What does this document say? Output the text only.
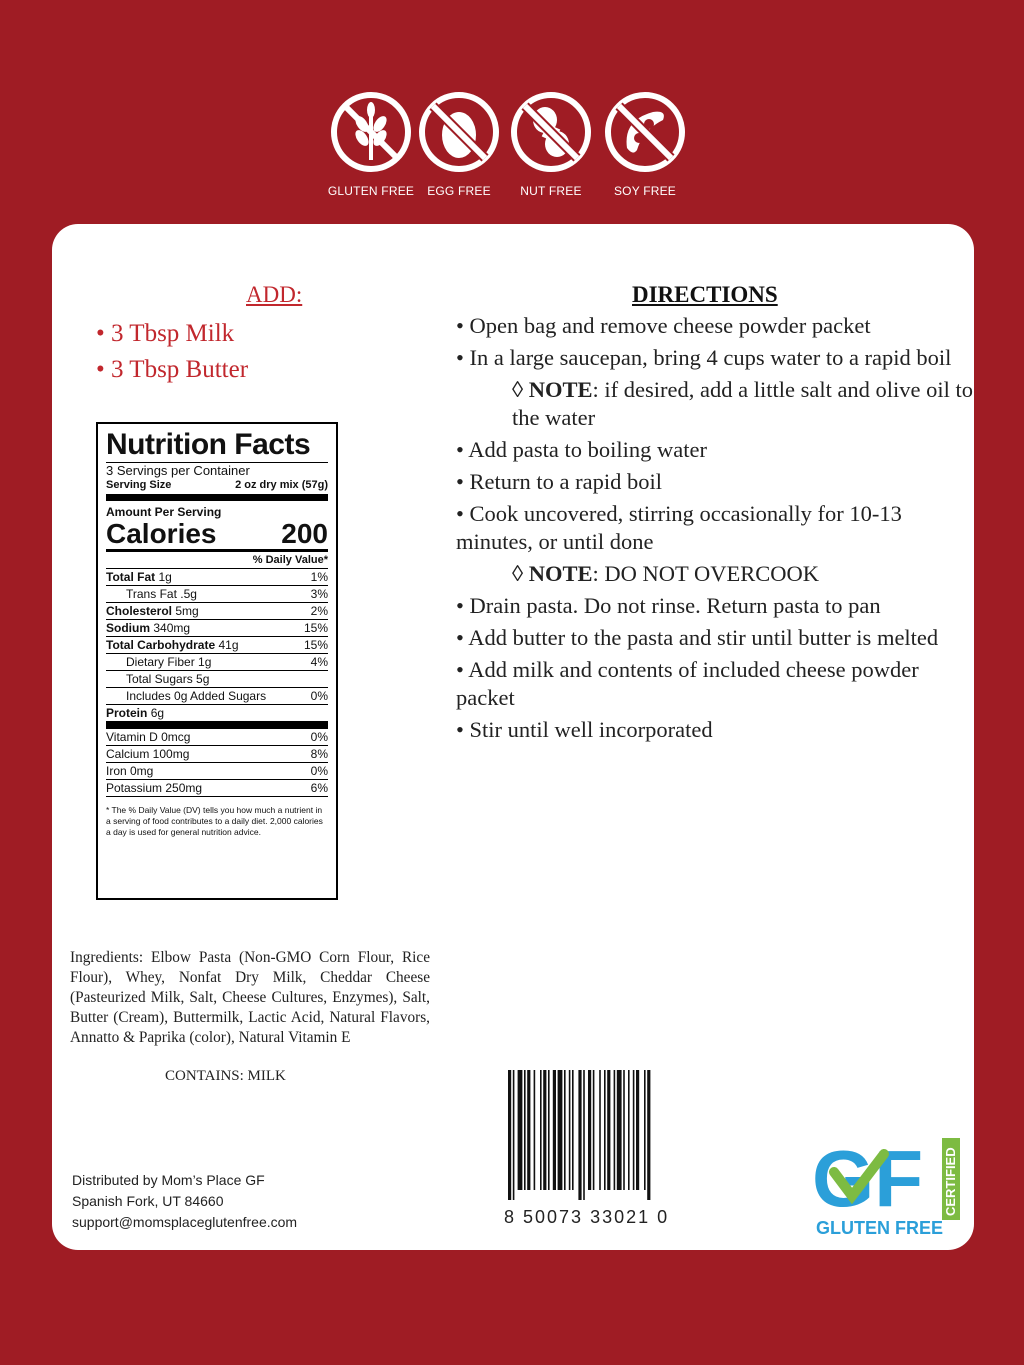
GLUTEN FREE	EGG FREE	NUT FREE	SOY FREE
ADD:
• 3 Tbsp Milk
• 3 Tbsp Butter
Nutrition Facts
3 Servings per Container
Serving Size	2 oz dry mix (57g)
Amount Per Serving
Calories 200
% Daily Value*
Total Fat 1g	1%
Trans Fat .5g	3%
Cholesterol 5mg	2%
Sodium 340mg	15%
Total Carbohydrate 41g	15%
Dietary Fiber 1g	4%
Total Sugars 5g
Includes 0g Added Sugars	0%
Protein 6g
Vitamin D 0mcg	0%
Calcium 100mg	8%
Iron 0mg	0%
Potassium 250mg	6%
* The % Daily Value (DV) tells you how much a nutrient in a serving of food contributes to a daily diet. 2,000 calories a day is used for general nutrition advice.
Ingredients: Elbow Pasta (Non-GMO Corn Flour, Rice Flour), Whey, Nonfat Dry Milk, Cheddar Cheese (Pasteurized Milk, Salt, Cheese Cultures, Enzymes), Salt, Butter (Cream), Buttermilk, Lactic Acid, Natural Flavors, Annatto & Paprika (color), Natural Vitamin E
CONTAINS: MILK
Distributed by Mom’s Place GF
Spanish Fork, UT 84660
support@momsplaceglutenfree.com
DIRECTIONS

• Open bag and remove cheese powder packet

• In a large saucepan, bring 4 cups water to a rapid boil

◊ NOTE: if desired, add a little salt and olive oil to the water

• Add pasta to boiling water

• Return to a rapid boil

• Cook uncovered, stirring occasionally for 10-13 minutes, or until done

◊ NOTE: DO NOT OVERCOOK

• Drain pasta. Do not rinse. Return pasta to pan

• Add butter to the pasta and stir until butter is melted

• Add milk and contents of included cheese powder packet

• Stir until well incorporated

8 50073 33021 0	GF CERTIFIED
GLUTEN FREE
